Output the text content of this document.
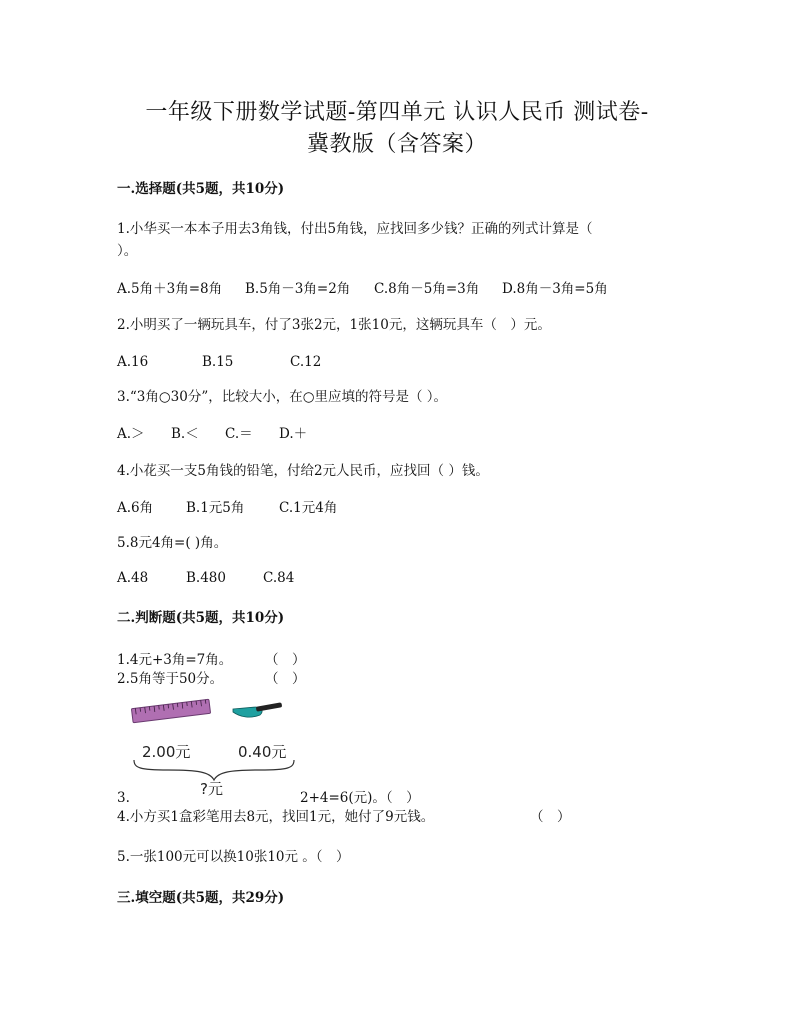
一年级下册数学试题-第四单元 认识人民币 测试卷-
冀教版（含答案）
一.选择题(共5题，共10分)
1.小华买一本本子用去3角钱，付出5角钱，应找回多少钱？正确的列式计算是（
）。
A.5角＋3角=8角 B.5角－3角=2角 C.8角－5角=3角 D.8角－3角=5角
2.小明买了一辆玩具车，付了3张2元，1张10元，这辆玩具车（　）元。
A.16	B.15	C.12
3.“3角○30分”，比较大小，在○里应填的符号是（ ）。
A.＞ B.＜ C.＝ D.＋
4.小花买一支5角钱的铅笔，付给2元人民币，应找回（ ）钱。
A.6角 B.1元5角	C.1元4角
5.8元4角=( )角。
A.48	B.480	C.84
二.判断题(共5题，共10分)
1.4元+3角=7角。 （　）
2.5角等于50分。	（　）
2.00元	0.40元
?元
3.	2+4=6(元)。（　）
4.小方买1盒彩笔用去8元，找回1元，她付了9元钱。	（　）
5.一张100元可以换10张10元 。（　）
三.填空题(共5题，共29分)
